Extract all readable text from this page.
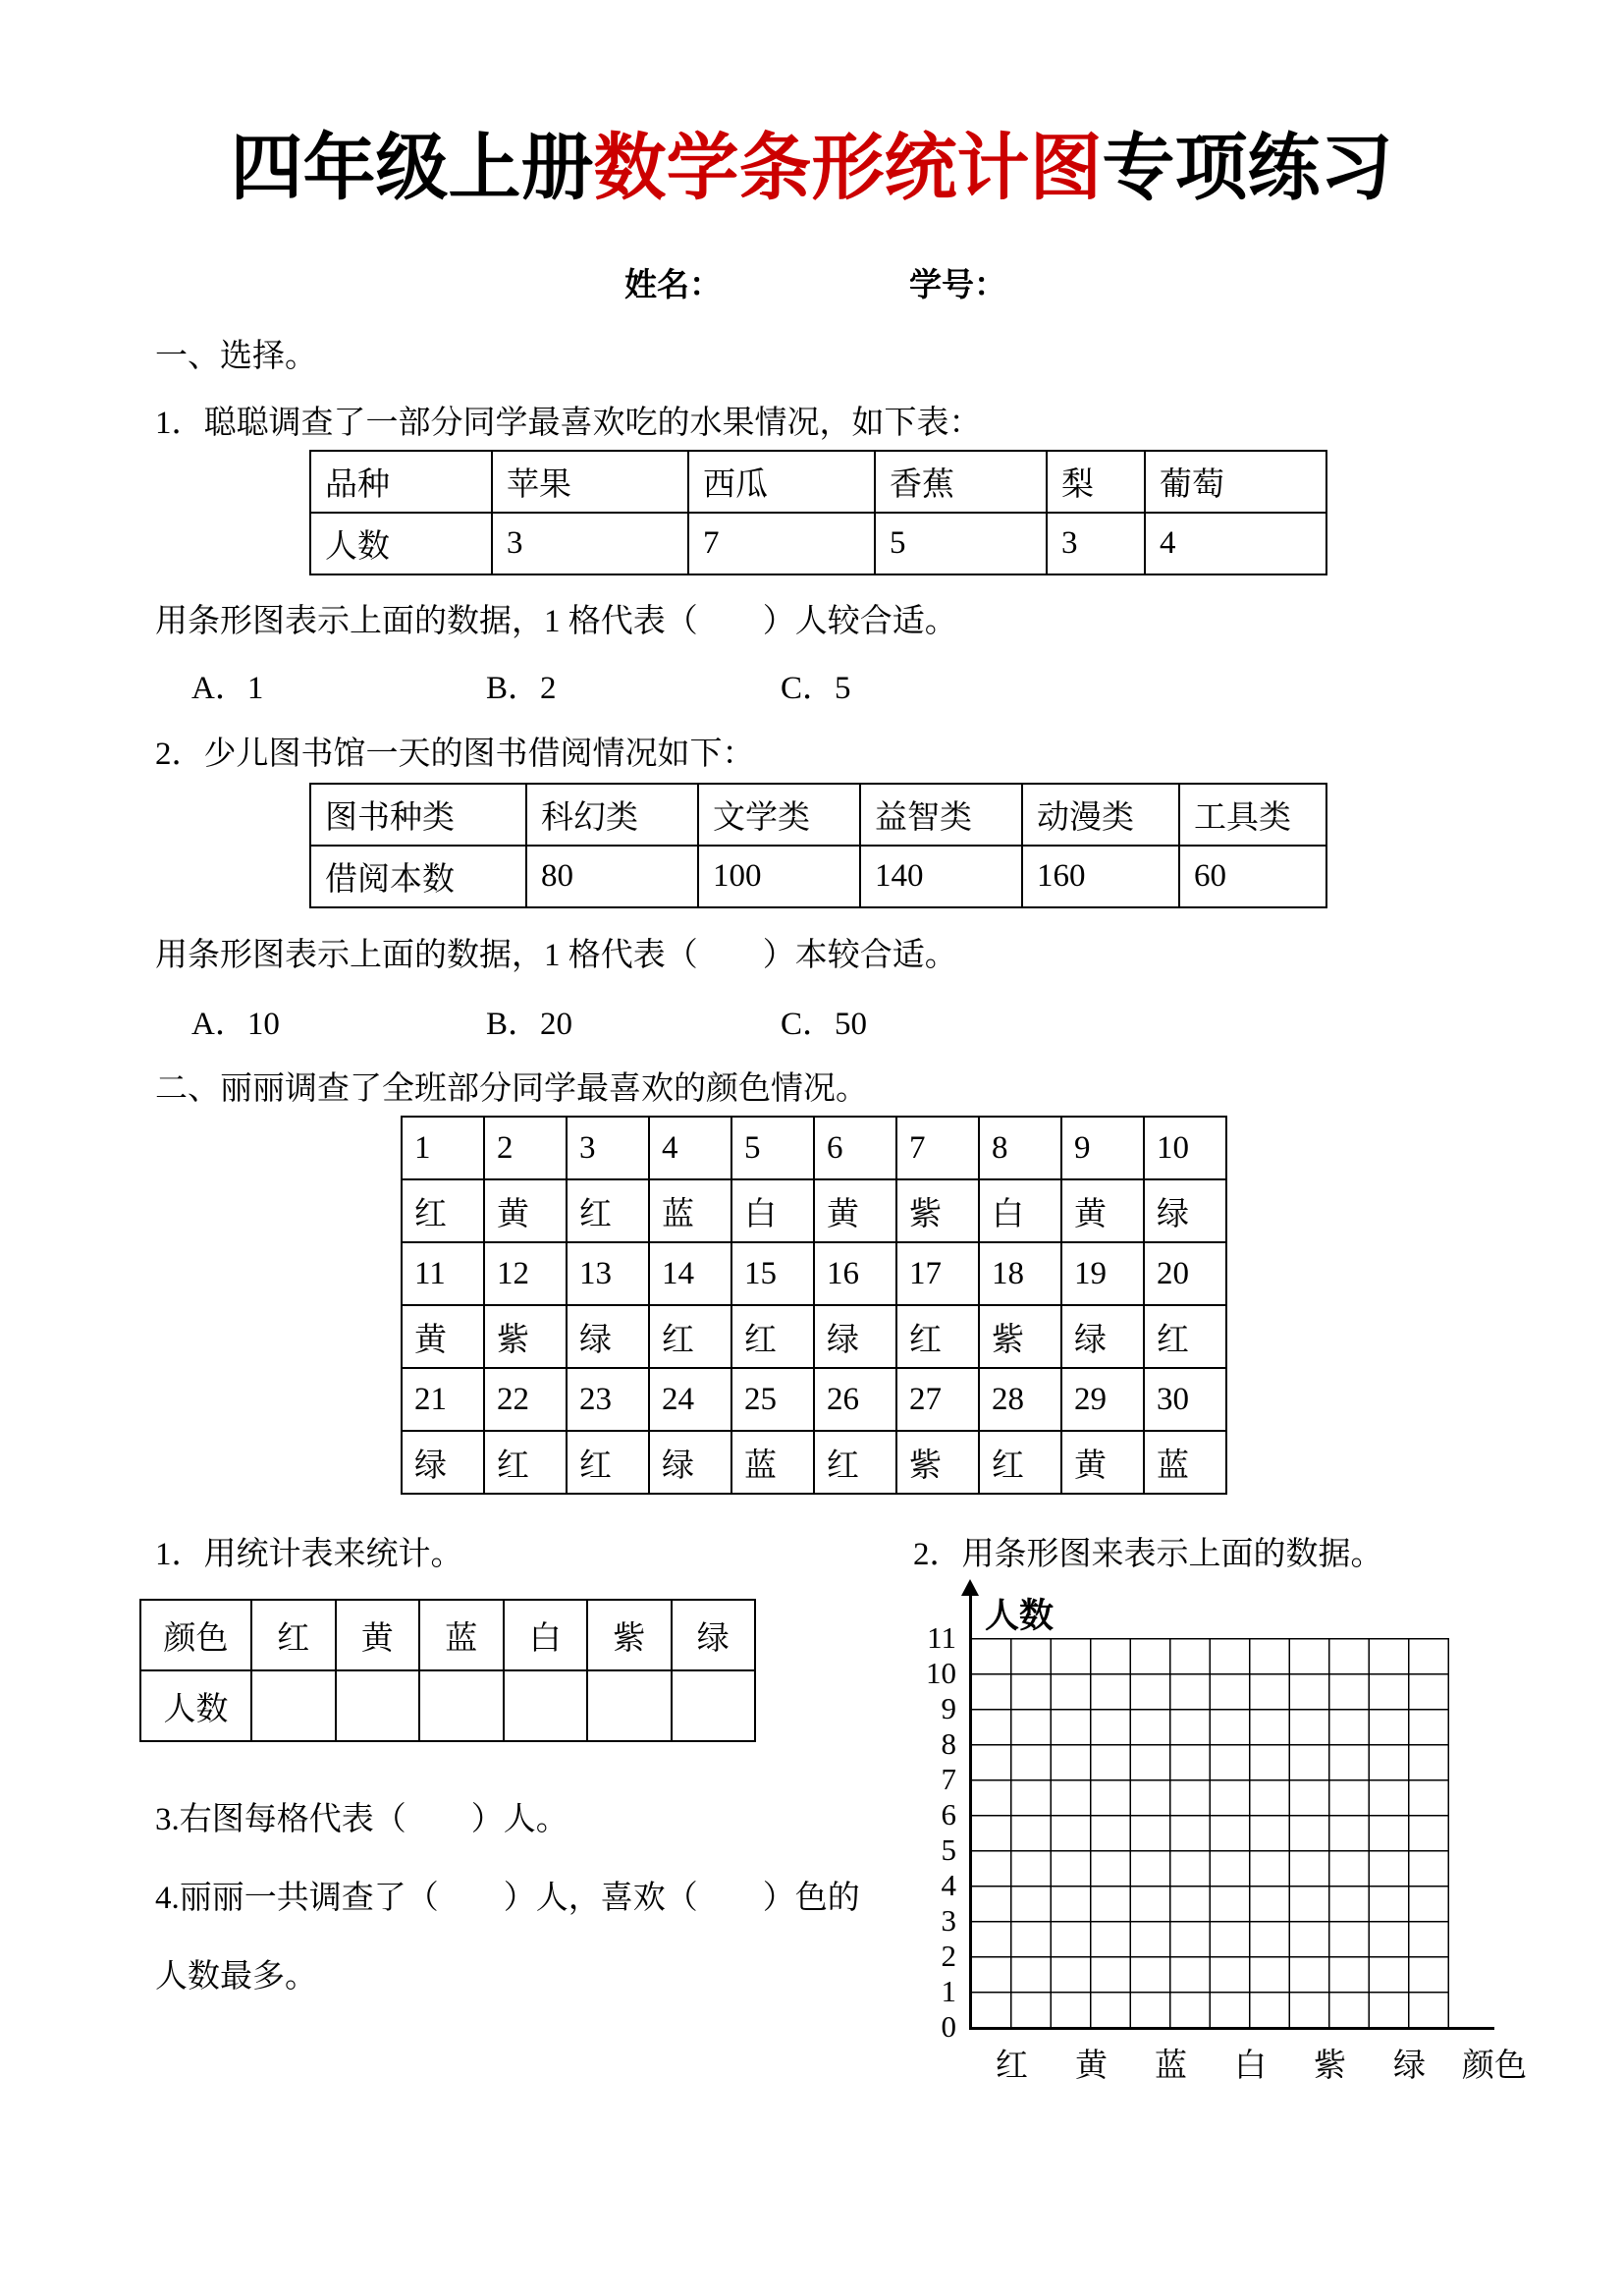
四年级上册数学条形统计图专项练习
姓名：	学号：
一、选择。
1．聪聪调查了一部分同学最喜欢吃的水果情况，如下表：
品种	苹果	西瓜	香蕉	梨	葡萄
人数	3	7	5	3	4
用条形图表示上面的数据，1 格代表（　　）人较合适。
A．1	B．2	C．5
2．少儿图书馆一天的图书借阅情况如下：
图书种类	科幻类	文学类	益智类	动漫类	工具类
借阅本数	80	100	140	160	60
用条形图表示上面的数据，1 格代表（　　）本较合适。
A．10	B．20	C．50
二、丽丽调查了全班部分同学最喜欢的颜色情况。
1	2	3	4	5	6	7	8	9	10
红	黄	红	蓝	白	黄	紫	白	黄	绿
11	12	13	14	15	16	17	18	19	20
黄	紫	绿	红	红	绿	红	紫	绿	红
21	22	23	24	25	26	27	28	29	30
绿	红	红	绿	蓝	红	紫	红	黄	蓝
1．用统计表来统计。	2．用条形图来表示上面的数据。
颜色	红	黄	蓝	白	紫	绿
人数						
3.右图每格代表（　　）人。
4.丽丽一共调查了（　　）人，喜欢（　　）色的
人数最多。
人数
11
10
9
8
7
6
5
4
3
2
1
0
红	黄	蓝	白	紫	绿	颜色
